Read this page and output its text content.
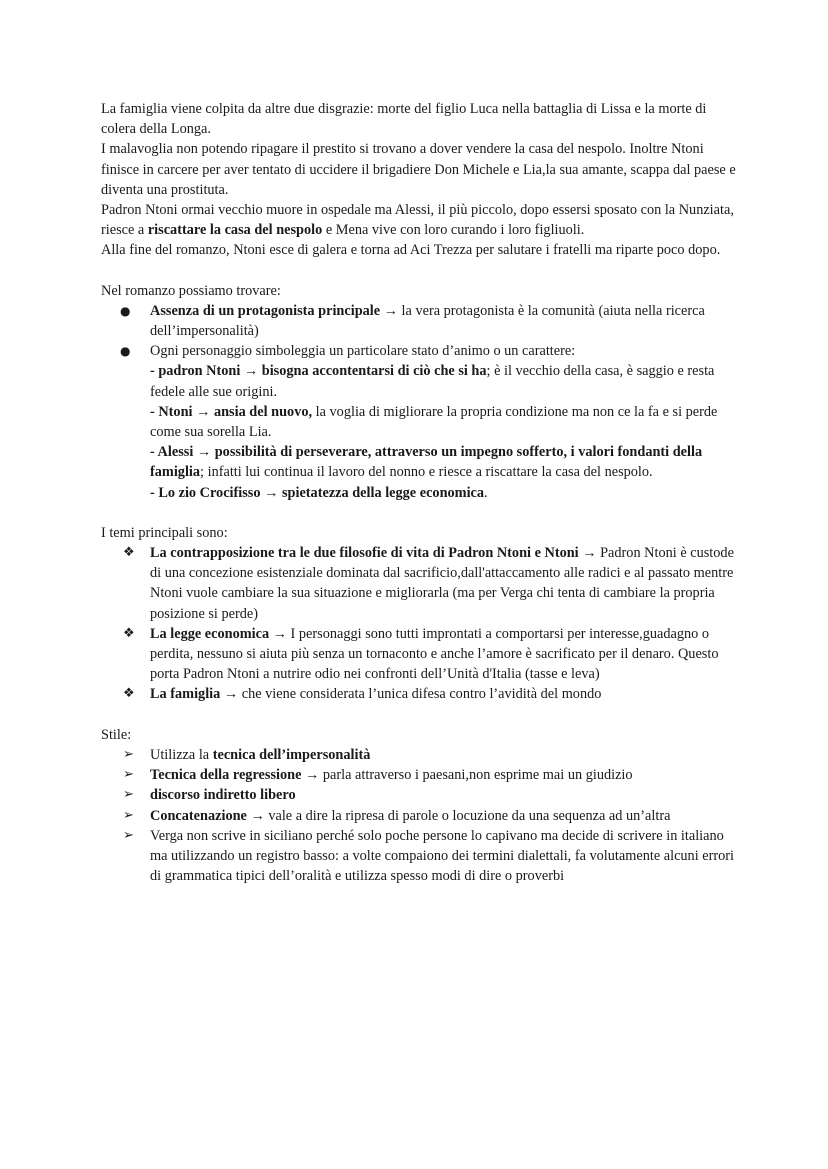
La famiglia viene colpita da altre due disgrazie: morte del figlio Luca nella battaglia di Lissa e la morte di colera della Longa.

I malavoglia non potendo ripagare il prestito si trovano a dover vendere la casa del nespolo. Inoltre Ntoni finisce in carcere per aver tentato di uccidere il brigadiere Don Michele e Lia,la sua amante, scappa dal paese e diventa una prostituta.

Padron Ntoni ormai vecchio muore in ospedale ma Alessi, il più piccolo, dopo essersi sposato con la Nunziata, riesce a riscattare la casa del nespolo e Mena vive con loro curando i loro figliuoli.

Alla fine del romanzo, Ntoni esce di galera e torna ad Aci Trezza per salutare i fratelli ma riparte poco dopo.

Nel romanzo possiamo trovare:

●	Assenza di un protagonista principale → la vera protagonista è la comunità (aiuta nella ricerca dell’impersonalità)
●	Ogni personaggio simboleggia un particolare stato d’animo o un carattere:
- padron Ntoni → bisogna accontentarsi di ciò che si ha; è il vecchio della casa, è saggio e resta fedele alle sue origini.
- Ntoni → ansia del nuovo, la voglia di migliorare la propria condizione ma non ce la fa e si perde come sua sorella Lia.
- Alessi → possibilità di perseverare, attraverso un impegno sofferto, i valori fondanti della famiglia; infatti lui continua il lavoro del nonno e riesce a riscattare la casa del nespolo.
- Lo zio Crocifisso → spietatezza della legge economica.

I temi principali sono:

❖	La contrapposizione tra le due filosofie di vita di Padron Ntoni e Ntoni → Padron Ntoni è custode di una concezione esistenziale dominata dal sacrificio,dall'attaccamento alle radici e al passato mentre Ntoni vuole cambiare la sua situazione e migliorarla (ma per Verga chi tenta di cambiare la propria posizione si perde)
❖	La legge economica → I personaggi sono tutti improntati a comportarsi per interesse,guadagno o perdita, nessuno si aiuta più senza un tornaconto e anche l’amore è sacrificato per il denaro. Questo porta Padron Ntoni a nutrire odio nei confronti dell’Unità d'Italia (tasse e leva)
❖	La famiglia → che viene considerata l’unica difesa contro l’avidità del mondo

Stile:

➢	Utilizza la tecnica dell’impersonalità
➢	Tecnica della regressione → parla attraverso i paesani,non esprime mai un giudizio
➢	discorso indiretto libero
➢	Concatenazione → vale a dire la ripresa di parole o locuzione da una sequenza ad un’altra
➢	Verga non scrive in siciliano perché solo poche persone lo capivano ma decide di scrivere in italiano ma utilizzando un registro basso: a volte compaiono dei termini dialettali, fa volutamente alcuni errori di grammatica tipici dell’oralità e utilizza spesso modi di dire o proverbi
